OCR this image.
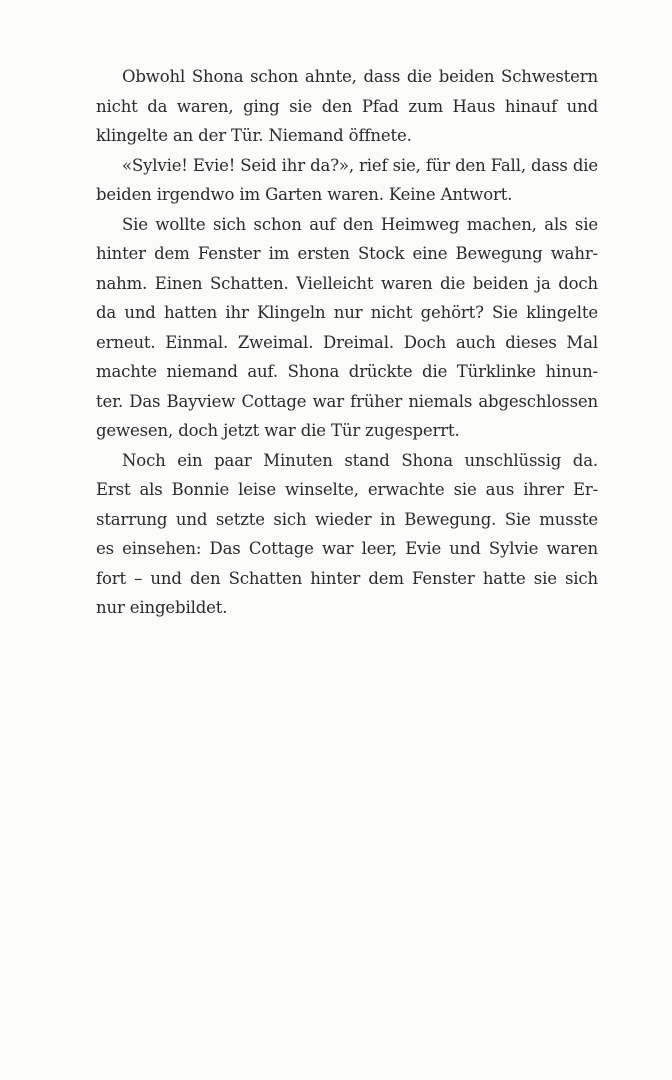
Obwohl Shona schon ahnte, dass die beiden Schwestern
nicht da waren, ging sie den Pfad zum Haus hinauf und
klingelte an der Tür. Niemand öffnete.
«Sylvie! Evie! Seid ihr da?», rief sie, für den Fall, dass die
beiden irgendwo im Garten waren. Keine Antwort.
Sie wollte sich schon auf den Heimweg machen, als sie
hinter dem Fenster im ersten Stock eine Bewegung wahr-
nahm. Einen Schatten. Vielleicht waren die beiden ja doch
da und hatten ihr Klingeln nur nicht gehört? Sie klingelte
erneut. Einmal. Zweimal. Dreimal. Doch auch dieses Mal
machte niemand auf. Shona drückte die Türklinke hinun-
ter. Das Bayview Cottage war früher niemals abgeschlossen
gewesen, doch jetzt war die Tür zugesperrt.
Noch ein paar Minuten stand Shona unschlüssig da.
Erst als Bonnie leise winselte, erwachte sie aus ihrer Er-
starrung und setzte sich wieder in Bewegung. Sie musste
es einsehen: Das Cottage war leer, Evie und Sylvie waren
fort – und den Schatten hinter dem Fenster hatte sie sich
nur eingebildet.
